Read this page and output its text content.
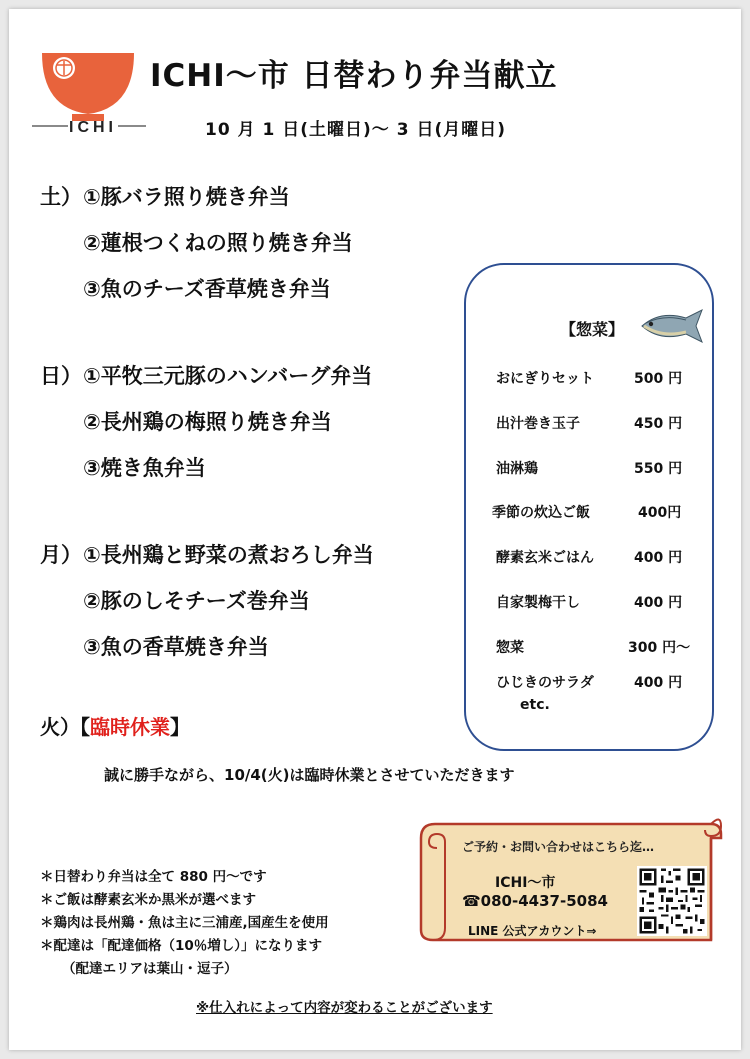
ICHI
ICHI〜市 日替わり弁当献立
10 月 1 日(土曜日)〜 3 日(月曜日)
土）①豚バラ照り焼き弁当
②蓮根つくねの照り焼き弁当
③魚のチーズ香草焼き弁当
日）①平牧三元豚のハンバーグ弁当
②長州鶏の梅照り焼き弁当
③焼き魚弁当
月）①長州鶏と野菜の煮おろし弁当
②豚のしそチーズ巻弁当
③魚の香草焼き弁当
火）【臨時休業】
誠に勝手ながら、10/4(火)は臨時休業とさせていただきます
【惣菜】
おにぎりセット	500 円
出汁巻き玉子	450 円
油淋鶏	550 円
季節の炊込ご飯	400円
酵素玄米ごはん	400 円
自家製梅干し	400 円
惣菜	300 円〜
ひじきのサラダ	400 円
etc.
＊日替わり弁当は全て 880 円〜です
＊ご飯は酵素玄米か黒米が選べます
＊鶏肉は長州鶏・魚は主に三浦産,国産生を使用
＊配達は「配達価格（10％増し）」になります
（配達エリアは葉山・逗子）
※仕入れによって内容が変わることがございます
ご予約・お問い合わせはこちら迄…
ICHI〜市
☎080-4437-5084
LINE 公式アカウント⇒
